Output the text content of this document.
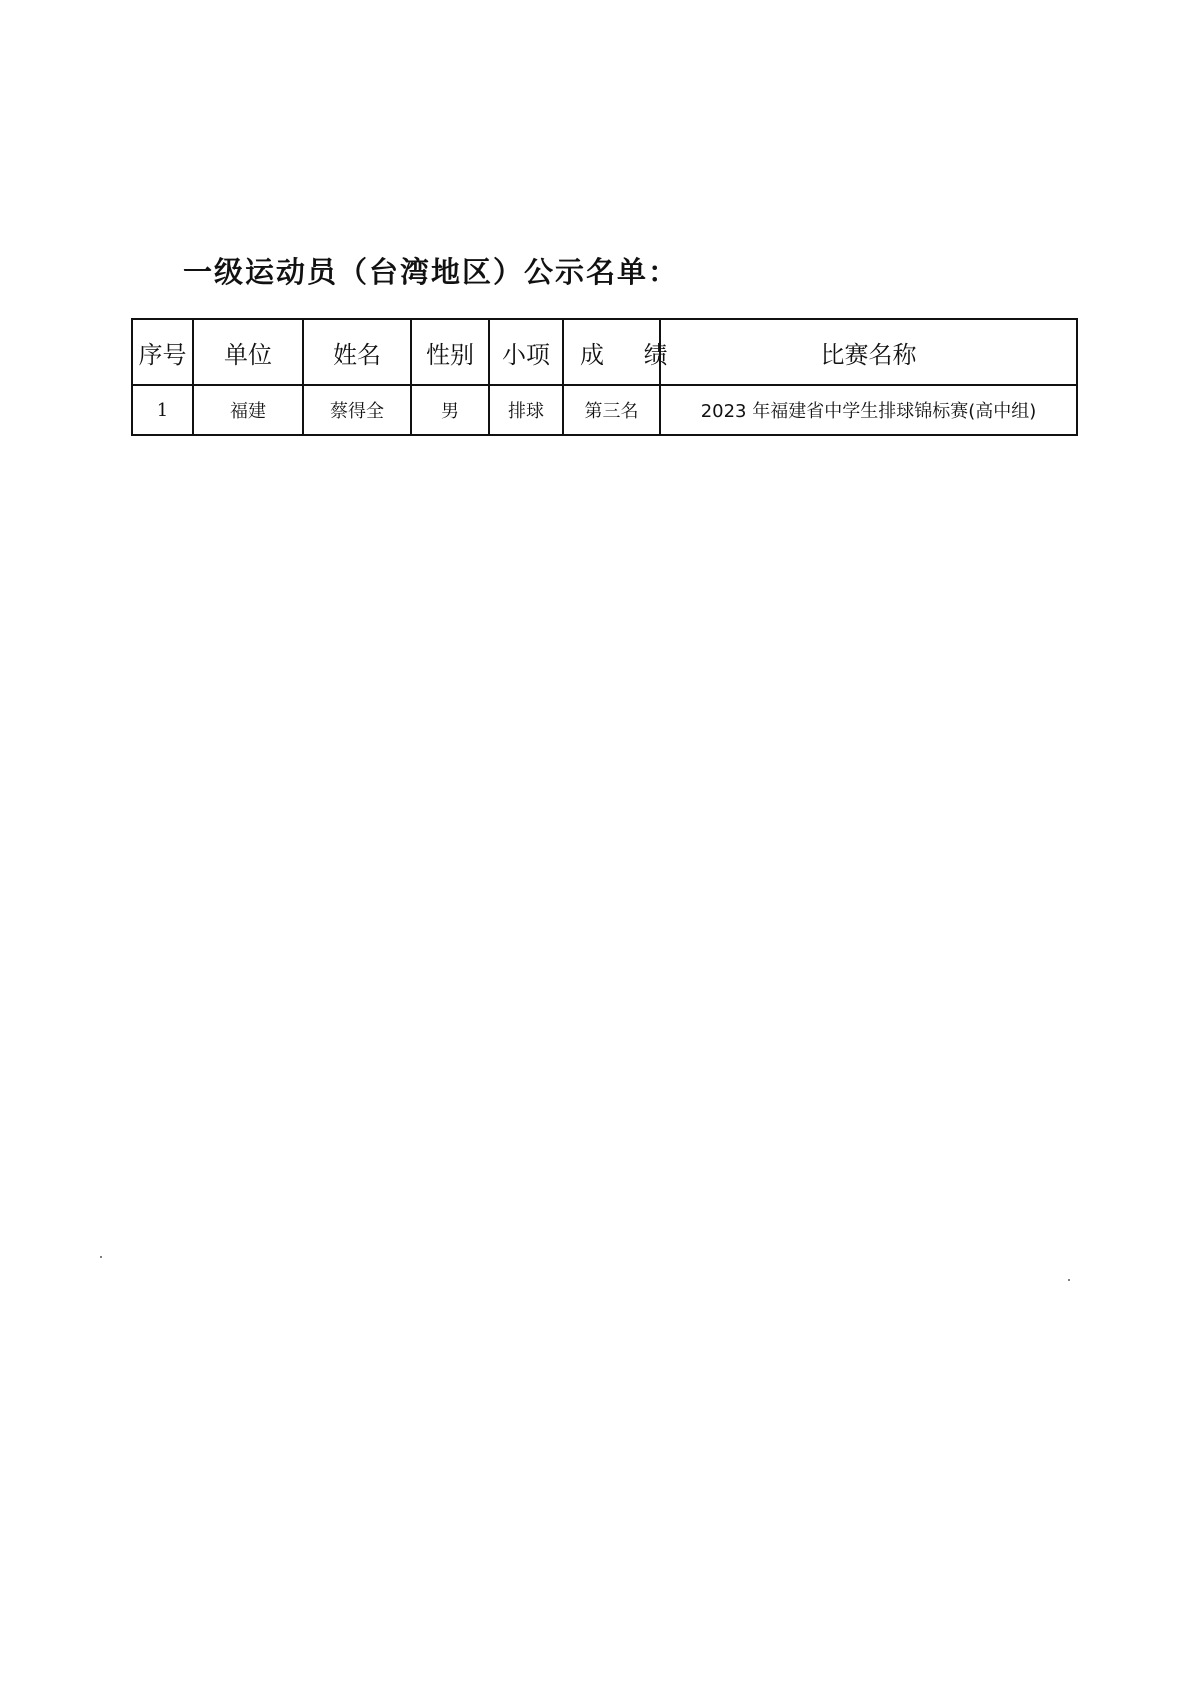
一级运动员（台湾地区）公示名单：
序号	单位	姓名	性别	小项	成 绩	比赛名称
1	福建	蔡得全	男	排球	第三名	2023 年福建省中学生排球锦标赛(高中组)
